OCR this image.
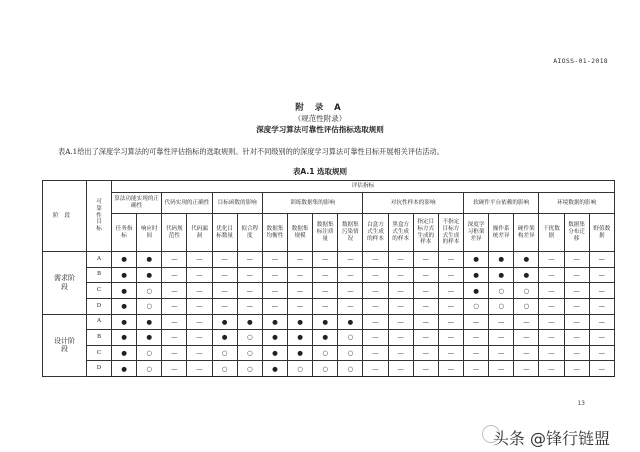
AIOSS-01-2018
附 录 A
（规范性附录）
深度学习算法可靠性评估指标选取规则
表A.1给出了深度学习算法的可靠性评估指标的选取规则。针对不同级别的的深度学习算法可靠性目标开展相关评估活动。
表A.1 选取规则
阶段	可靠性目标	评估指标																			
		算法功能实现的正确性		代码实现的正确性		目标函数的影响		训练数据集的影响				对抗性样本的影响				软硬件平台依赖的影响			环境数据的影响		
		任务指标	响应时间	代码规范性	代码漏洞	优化目标数量	拟合程度	数据集均衡性	数据集规模	数据集标注质量	数据集污染情况	白盒方式生成的样本	黑盒方式生成的样本	指定目标方式生成的样本	不指定目标方式生成的样本	深度学习框架差异	操作系统差异	硬件架构差异	干扰数据	数据集分布迁移	野值数据
需求阶段	A	●	●	—	—	—	—	—	—	—	—	—	—	—	—	●	●	●	—	—	—
	B	●	●	—	—	—	—	—	—	—	—	—	—	—	—	●	●	●	—	—	—
	C	●	○	—	—	—	—	—	—	—	—	—	—	—	—	●	○	○	—	—	—
	D	●	○	—	—	—	—	—	—	—	—	—	—	—	—	○	○	○	—	—	—
设计阶段	A	●	●	—	—	●	●	●	●	●	●	—	—	—	—	—	—	—	—	—	—
	B	●	●	—	—	●	○	●	●	●	○	—	—	—	—	—	—	—	—	—	—
	C	●	○	—	—	○	○	●	●	○	○	—	—	—	—	—	—	—	—	—	—
	D	●	○	—	—	○	○	●	○	○	○	—	—	—	—	—	—	—	—	—	—
13
头条 @锋行链盟
